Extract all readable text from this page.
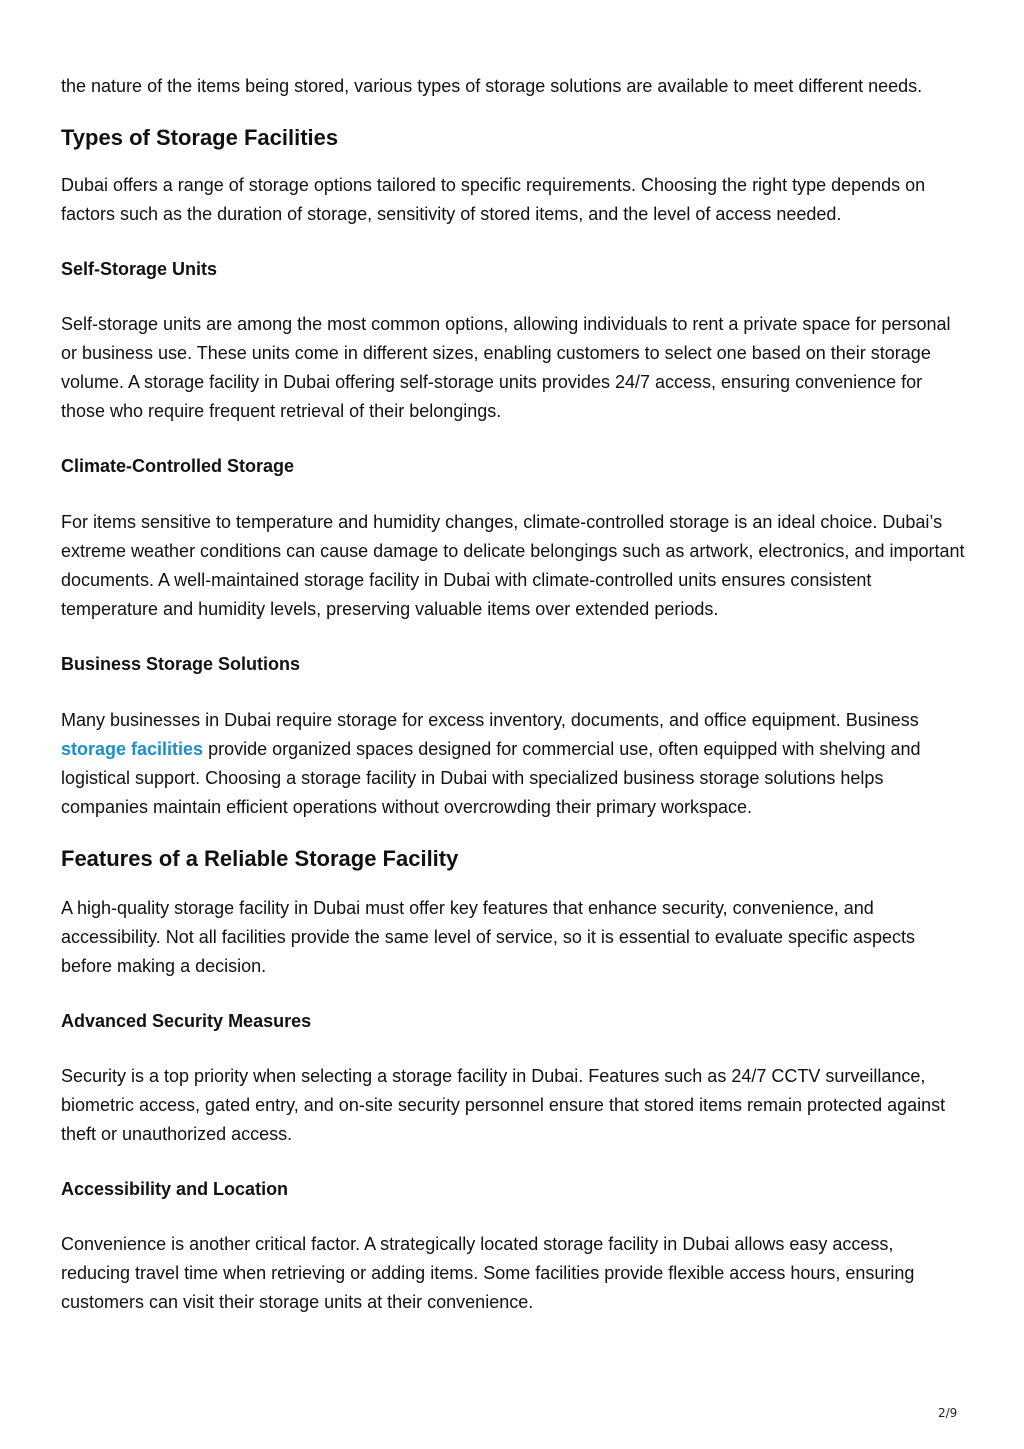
the nature of the items being stored, various types of storage solutions are available to meet different needs.

Types of Storage Facilities

Dubai offers a range of storage options tailored to specific requirements. Choosing the right type depends on factors such as the duration of storage, sensitivity of stored items, and the level of access needed.

Self-Storage Units

Self-storage units are among the most common options, allowing individuals to rent a private space for personal or business use. These units come in different sizes, enabling customers to select one based on their storage volume. A storage facility in Dubai offering self-storage units provides 24/7 access, ensuring convenience for those who require frequent retrieval of their belongings.

Climate-Controlled Storage

For items sensitive to temperature and humidity changes, climate-controlled storage is an ideal choice. Dubai’s extreme weather conditions can cause damage to delicate belongings such as artwork, electronics, and important documents. A well-maintained storage facility in Dubai with climate-controlled units ensures consistent temperature and humidity levels, preserving valuable items over extended periods.

Business Storage Solutions

Many businesses in Dubai require storage for excess inventory, documents, and office equipment. Business storage facilities provide organized spaces designed for commercial use, often equipped with shelving and logistical support. Choosing a storage facility in Dubai with specialized business storage solutions helps companies maintain efficient operations without overcrowding their primary workspace.

Features of a Reliable Storage Facility

A high-quality storage facility in Dubai must offer key features that enhance security, convenience, and accessibility. Not all facilities provide the same level of service, so it is essential to evaluate specific aspects before making a decision.

Advanced Security Measures

Security is a top priority when selecting a storage facility in Dubai. Features such as 24/7 CCTV surveillance, biometric access, gated entry, and on-site security personnel ensure that stored items remain protected against theft or unauthorized access.

Accessibility and Location

Convenience is another critical factor. A strategically located storage facility in Dubai allows easy access, reducing travel time when retrieving or adding items. Some facilities provide flexible access hours, ensuring customers can visit their storage units at their convenience.

2/9
